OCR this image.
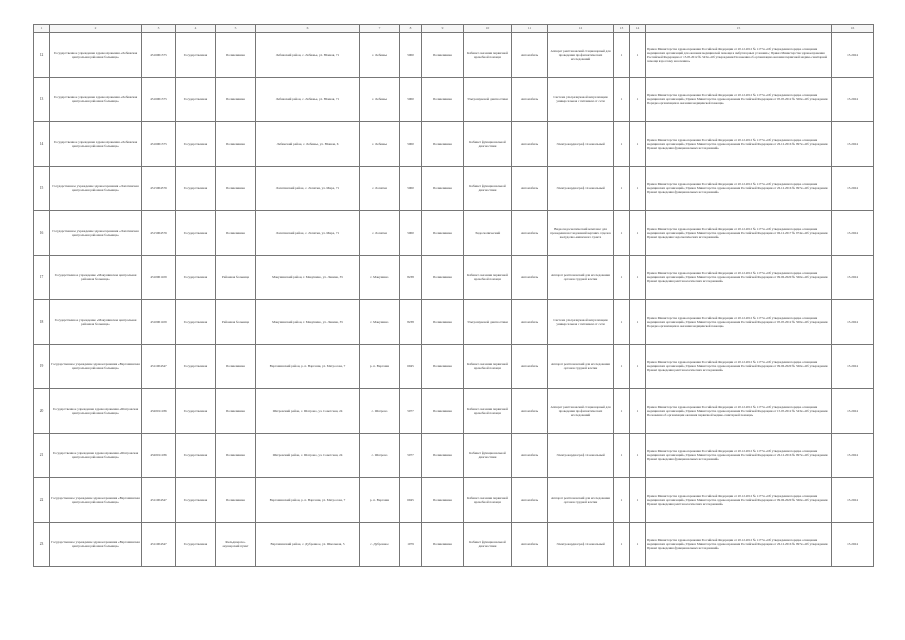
1	2	3	4	5	6	7	8	9	10	11	12	13	14	15	16
12	Государственное учреждение здравоохранения «Лебяжская центральная районная больница»	4516001375	Государственная	Поликлиника	Лебяжский район, с. Лебяжье, ул. Южная, 71	с. Лебяжье	5000	Поликлиника	Кабинет оказания первичной врачебной помощи	Автомобиль	Аппарат рентгеновский стационарный для проведения профилактических исследований	1	1	Приказ Министерства здравоохранения Российской Федерации от 20.12.2012 № 1177н «Об утверждении порядка оснащения медицинских организаций для оказания медицинской помощи в амбулаторных условиях»; Приказ Министерства здравоохранения Российской Федерации от 15.05.2012 № 543н «Об утверждении Положения об организации оказания первичной медико-санитарной помощи взрослому населению»	15.2024
13	Государственное учреждение здравоохранения «Лебяжская центральная районная больница»	4516001375	Государственная	Поликлиника	Лебяжский район, с. Лебяжье, ул. Южная, 71	с. Лебяжье	5000	Поликлиника	Ультразвуковой диагностики	Автомобиль	Система ультразвуковой визуализации универсальная с питанием от сети	1	1	Приказ Министерства здравоохранения Российской Федерации от 20.12.2012 № 1177н «Об утверждении порядка оснащения медицинских организаций»; Приказ Министерства здравоохранения Российской Федерации от 05.05.2012 № 500н «Об утверждении Порядка организации и оказания медицинской помощи»	15.2024
14	Государственное учреждение здравоохранения «Лебяжская центральная районная больница»	4516001375	Государственная	Поликлиника	Лебяжский район, с. Лебяжье, ул. Южная, 6	с. Лебяжье	5000	Поликлиника	Кабинет функциональной диагностики	Автомобиль	Электрокардиограф 12-канальный	1	1	Приказ Министерства здравоохранения Российской Федерации от 20.12.2012 № 1177н «Об утверждении порядка оснащения медицинских организаций»; Приказ Министерства здравоохранения Российской Федерации от 26.12.2016 № 997н «Об утверждении Правил проведения функциональных исследований»	15.2024
15	Государственное учреждение здравоохранения «Лопатинская центральная районная больница»	4515004576	Государственная	Поликлиника	Лопатинский район, с. Лопатки, ул. Мира, 71	с. Лопатки	5000	Поликлиника	Кабинет функциональной диагностики	Автомобиль	Электрокардиограф 12-канальный	1	1	Приказ Министерства здравоохранения Российской Федерации от 20.12.2012 № 1177н «Об утверждении порядка оснащения медицинских организаций»; Приказ Министерства здравоохранения Российской Федерации от 26.12.2016 № 997н «Об утверждении Правил проведения функциональных исследований»	15.2024
16	Государственное учреждение здравоохранения «Лопатинская центральная районная больница»	4515004576	Государственная	Поликлиника	Лопатинский район, с. Лопатки, ул. Мира, 71	с. Лопатки	5000	Поликлиника	Эндоскопический	Автомобиль	Видеоэндоскопический комплекс для проведения исследований верхних отделов желудочно-кишечного тракта	1	1	Приказ Министерства здравоохранения Российской Федерации от 20.12.2012 № 1177н «Об утверждении порядка оснащения медицинских организаций»; Приказ Министерства здравоохранения Российской Федерации от 06.12.2017 № 974н «Об утверждении Правил проведения эндоскопических исследований»	15.2024
17	Государственное учреждение «Макушинская центральная районная больница»	4510001109	Государственная	Районная больница	Макушинский район, г. Макушино, ул. Ленина, 35	г. Макушино	8238	Поликлиника	Кабинет оказания первичной врачебной помощи	Автомобиль	Аппарат рентгеновский для исследования органов грудной клетки	1	1	Приказ Министерства здравоохранения Российской Федерации от 20.12.2012 № 1177н «Об утверждении порядка оснащения медицинских организаций»; Приказ Министерства здравоохранения Российской Федерации от 09.06.2020 № 560н «Об утверждении Правил проведения рентгенологических исследований»	15.2024
18	Государственное учреждение «Макушинская центральная районная больница»	4510001109	Государственная	Районная больница	Макушинский район, г. Макушино, ул. Ленина, 35	г. Макушино	8238	Поликлиника	Ультразвуковой диагностики	Автомобиль	Система ультразвуковой визуализации универсальная с питанием от сети	1	1	Приказ Министерства здравоохранения Российской Федерации от 20.12.2012 № 1177н «Об утверждении порядка оснащения медицинских организаций»; Приказ Министерства здравоохранения Российской Федерации от 05.05.2012 № 500н «Об утверждении Порядка организации и оказания медицинской помощи»	15.2024
19	Государственное учреждение здравоохранения «Варгашинская центральная районная больница»	4511004347	Государственная	Поликлиника	Варгашинский район, р. п. Варгаши, ул. Матросова, 7	р. п. Варгаши	6945	Поликлиника	Кабинет оказания первичной врачебной помощи	Автомобиль	Аппарат рентгеновский для исследования органов грудной клетки	1	1	Приказ Министерства здравоохранения Российской Федерации от 20.12.2012 № 1177н «Об утверждении порядка оснащения медицинских организаций»; Приказ Министерства здравоохранения Российской Федерации от 09.06.2020 № 560н «Об утверждении Правил проведения рентгенологических исследований»	15.2024
20	Государственное учреждение здравоохранения «Шатровская центральная районная больница»	4520011186	Государственная	Поликлиника	Шатровский район, с. Шатрово, ул. Советская, 24	с. Шатрово	5077	Поликлиника	Кабинет оказания первичной врачебной помощи	Автомобиль	Аппарат рентгеновский стационарный для проведения профилактических исследований	1	1	Приказ Министерства здравоохранения Российской Федерации от 20.12.2012 № 1177н «Об утверждении порядка оснащения медицинских организаций»; Приказ Министерства здравоохранения Российской Федерации от 15.05.2012 № 543н «Об утверждении Положения об организации оказания первичной медико-санитарной помощи»	15.2024
21	Государственное учреждение здравоохранения «Шатровская центральная районная больница»	4520011186	Государственная	Поликлиника	Шатровский район, с. Шатрово, ул. Советская, 24	с. Шатрово	5077	Поликлиника	Кабинет функциональной диагностики	Автомобиль	Электрокардиограф 12-канальный	1	1	Приказ Министерства здравоохранения Российской Федерации от 20.12.2012 № 1177н «Об утверждении порядка оснащения медицинских организаций»; Приказ Министерства здравоохранения Российской Федерации от 26.12.2016 № 997н «Об утверждении Правил проведения функциональных исследований»	15.2024
22	Государственное учреждение здравоохранения «Варгашинская центральная районная больница»	4511004347	Государственная	Поликлиника	Варгашинский район, р. п. Варгаши, ул. Матросова, 7	р. п. Варгаши	6945	Поликлиника	Кабинет оказания первичной врачебной помощи	Автомобиль	Аппарат рентгеновский для исследования органов грудной клетки	1	1	Приказ Министерства здравоохранения Российской Федерации от 20.12.2012 № 1177н «Об утверждении порядка оснащения медицинских организаций»; Приказ Министерства здравоохранения Российской Федерации от 09.06.2020 № 560н «Об утверждении Правил проведения рентгенологических исследований»	15.2024
23	Государственное учреждение здравоохранения «Варгашинская центральная районная больница»	4511004347	Государственная	Фельдшерско-акушерский пункт	Варгашинский район, с. Дубровное, ул. Школьная, 5	с. Дубровное	1079	Поликлиника	Кабинет функциональной диагностики	Автомобиль	Электрокардиограф 12-канальный	1	1	Приказ Министерства здравоохранения Российской Федерации от 20.12.2012 № 1177н «Об утверждении порядка оснащения медицинских организаций»; Приказ Министерства здравоохранения Российской Федерации от 26.12.2016 № 997н «Об утверждении Правил проведения функциональных исследований»	15.2024
